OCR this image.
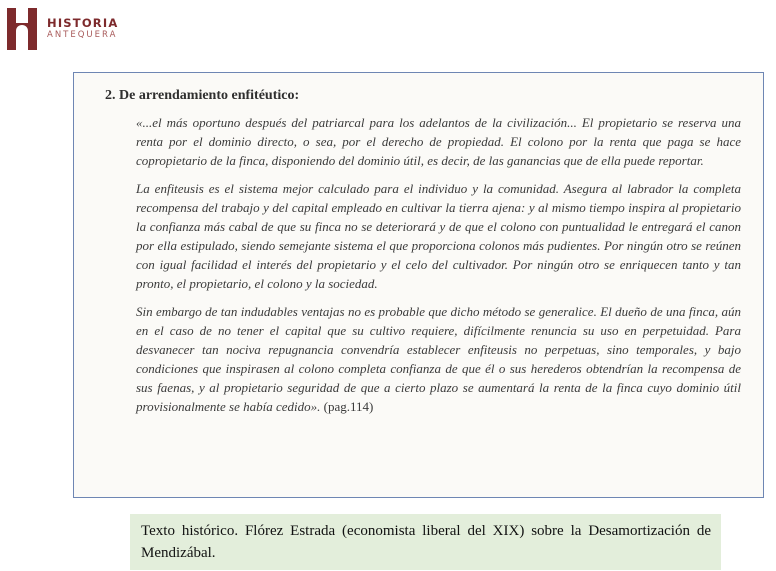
HISTORIA
ANTEQUERA
2. De arrendamiento enfitéutico:

«...el más oportuno después del patriarcal para los adelantos de la civilización... El propietario se reserva una renta por el dominio directo, o sea, por el derecho de propiedad. El colono por la renta que paga se hace copropietario de la finca, disponiendo del dominio útil, es decir, de las ganancias que de ella puede reportar.

La enfiteusis es el sistema mejor calculado para el individuo y la comunidad. Asegura al labrador la completa recompensa del trabajo y del capital empleado en cultivar la tierra ajena: y al mismo tiempo inspira al propietario la confianza más cabal de que su finca no se deteriorará y de que el colono con puntualidad le entregará el canon por ella estipulado, siendo semejante sistema el que proporciona colonos más pudientes. Por ningún otro se reúnen con igual facilidad el interés del propietario y el celo del cultivador. Por ningún otro se enriquecen tanto y tan pronto, el propietario, el colono y la sociedad.

Sin embargo de tan indudables ventajas no es probable que dicho método se generalice. El dueño de una finca, aún en el caso de no tener el capital que su cultivo requiere, difícilmente renuncia su uso en perpetuidad. Para desvanecer tan nociva repugnancia convendría establecer enfiteusis no perpetuas, sino temporales, y bajo condiciones que inspirasen al colono completa confianza de que él o sus herederos obtendrían la recompensa de sus faenas, y al propietario seguridad de que a cierto plazo se aumentará la renta de la finca cuyo dominio útil provisionalmente se había cedido». (pag.114)

Texto histórico. Flórez Estrada (economista liberal del XIX) sobre la Desamortización de Mendizábal.
